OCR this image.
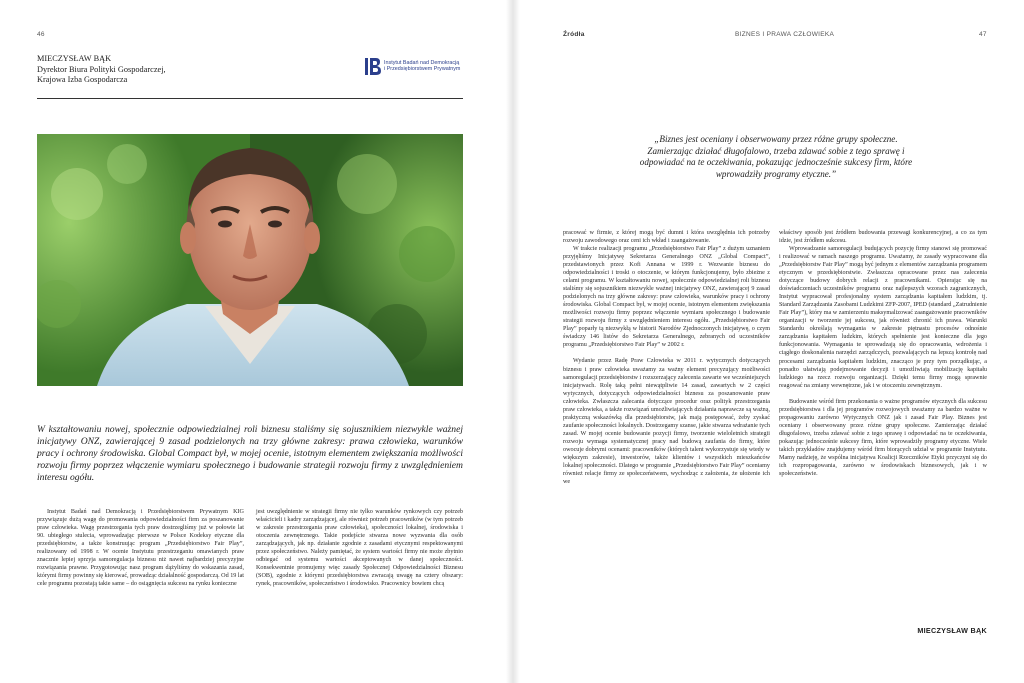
46
MIECZYSŁAW BĄK
Dyrektor Biura Polityki Gospodarczej,
Krajowa Izba Gospodarcza
Instytut Badań nad Demokracją
i Przedsiębiorstwem Prywatnym
W kształtowaniu nowej, społecznie odpowiedzialnej roli biznesu staliśmy się sojusznikiem niezwykle ważnej inicjatywy ONZ, zawierającej 9 zasad podzielonych na trzy główne zakresy: prawa człowieka, warunków pracy i ochrony środowiska. Global Compact był, w mojej ocenie, istotnym elementem zwiększania możliwości rozwoju firmy poprzez włączenie wymiaru społecznego i budowanie strategii rozwoju firmy z uwzględnieniem interesu ogółu.

Instytut Badań nad Demokracją i Przedsiębiorstwem Prywatnym KIG przywiązuje dużą wagę do promowania odpowiedzialności firm za poszanowanie praw człowieka. Wagę przestrzegania tych praw dostrzegliśmy już w połowie lat 90. ubiegłego stulecia, wprowadzając pierwsze w Polsce Kodeksy etyczne dla przedsiębiorstw, a także konstruując program „Przedsiębiorstwo Fair Play”, realizowany od 1998 r. W ocenie Instytutu przestrzeganiu omawianych praw znacznie lepiej sprzyja samoregulacja biznesu niż nawet najbardziej precyzyjne rozwiązania prawne. Przygotowując nasz program dążyliśmy do wskazania zasad, którymi firmy powinny się kierować, prowadząc działalność gospodarczą. Od 19 lat cele programu pozostają takie same – do osiągnięcia sukcesu na rynku konieczne

jest uwzględnienie w strategii firmy nie tylko warunków rynkowych czy potrzeb właścicieli i kadry zarządzającej, ale również potrzeb pracowników (w tym potrzeb w zakresie przestrzegania praw człowieka), społeczności lokalnej, środowiska i otoczenia zewnętrznego. Takie podejście stwarza nowe wyzwania dla osób zarządzających, jak np. działanie zgodnie z zasadami etycznymi respektowanymi przez społeczeństwo. Należy pamiętać, że system wartości firmy nie może zbytnio odbiegać od systemu wartości akceptowanych w danej społeczności. Konsekwentnie promujemy więc zasady Społecznej Odpowiedzialności Biznesu (SOB), zgodnie z którymi przedsiębiorstwa zwracają uwagę na cztery obszary: rynek, pracowników, społeczeństwo i środowisko. Pracownicy bowiem chcą

Źródła	BIZNES I PRAWA CZŁOWIEKA	47
„Biznes jest oceniany i obserwowany przez różne grupy społeczne. Zamierzając działać długofalowo, trzeba zdawać sobie z tego sprawę i odpowiadać na te oczekiwania, pokazując jednocześnie sukcesy firm, które wprowadziły programy etyczne.”

pracować w firmie, z której mogą być dumni i która uwzględnia ich potrzeby rozwoju zawodowego oraz ceni ich wkład i zaangażowanie.

W trakcie realizacji programu „Przedsiębiorstwo Fair Play” z dużym uznaniem przyjęliśmy Inicjatywę Sekretarza Generalnego ONZ „Global Compact”, przedstawionych przez Kofi Annana w 1999 r. Wezwanie biznesu do odpowiedzialności i troski o otoczenie, w którym funkcjonujemy, było zbieżne z celami programu. W kształtowaniu nowej, społecznie odpowiedzialnej roli biznesu staliśmy się sojusznikiem niezwykle ważnej inicjatywy ONZ, zawierającej 9 zasad podzielonych na trzy główne zakresy: praw człowieka, warunków pracy i ochrony środowiska. Global Compact był, w mojej ocenie, istotnym elementem zwiększania możliwości rozwoju firmy poprzez włączenie wymiaru społecznego i budowanie strategii rozwoju firmy z uwzględnieniem interesu ogółu. „Przedsiębiorstwo Fair Play” poparły tą niezwykłą w historii Narodów Zjednoczonych inicjatywę, o czym świadczy 146 listów do Sekretarza Generalnego, zebranych od uczestników programu „Przedsiębiorstwo Fair Play” w 2002 r.

Wydanie przez Radę Praw Człowieka w 2011 r. wytycznych dotyczących biznesu i praw człowieka uważamy za ważny element precyzujący możliwości samoregulacji przedsiębiorstw i rozszerzający zalecenia zawarte we wcześniejszych inicjatywach. Rolę taką pełni niewątpliwie 14 zasad, zawartych w 2 części wytycznych, dotyczących odpowiedzialności biznesu za poszanowanie praw człowieka. Zwłaszcza zalecania dotyczące procedur oraz polityk przestrzegania praw człowieka, a także rozwiązań umożliwiających działania naprawcze są ważną, praktyczną wskazówką dla przedsiębiorstw, jak mają postępować, żeby zyskać zaufanie społeczności lokalnych. Dostrzegamy szanse, jakie stwarza wdrażanie tych zasad. W mojej ocenie budowanie pozycji firmy, tworzenie wieloletnich strategii rozwoju wymaga systematycznej pracy nad budową zaufania do firmy, które owocuje dobrymi ocenami: pracowników (których talent wykorzystuje się wtedy w większym zakresie), inwestorów, także klientów i wszystkich mieszkańców lokalnej społeczności. Dlatego w programie „Przedsiębiorstwo Fair Play” oceniamy również relacje firmy ze społeczeństwem, wychodząc z założenia, że ułożenie ich we

właściwy sposób jest źródłem budowania przewagi konkurencyjnej, a co za tym idzie, jest źródłem sukcesu.

Wprowadzanie samoregulacji budujących pozycję firmy stanowi się promować i realizować w ramach naszego programu. Uważamy, że zasady wypracowane dla „Przedsiębiorstw Fair Play” mogą być jednym z elementów zarządzania programem etycznym w przedsiębiorstwie. Zwłaszcza opracowane przez nas zalecenia dotyczące budowy dobrych relacji z pracownikami. Opierając się na doświadczeniach uczestników programu oraz najlepszych wzorach zagranicznych, Instytut wypracował profesjonalny system zarządzania kapitałem ludzkim, tj. Standard Zarządzania Zasobami Ludzkimi ZFP-2007, IPED (standard „Zatrudnienie Fair Play”), który ma w zamierzeniu maksymalizować zaangażowanie pracowników organizacji w tworzenie jej sukcesu, jak również chronić ich prawa. Warunki Standardu określają wymagania w zakresie piętnastu procesów odnośnie zarządzania kapitałem ludzkim, których spełnienie jest konieczne dla jego funkcjonowania. Wymagania te sprowadzają się do opracowania, wdrożenia i ciągłego doskonalenia narzędzi zarządczych, pozwalających na lepszą kontrolę nad procesami zarządzania kapitałem ludzkim, znacząco je przy tym porządkując, a ponadto ułatwiają podejmowanie decyzji i umożliwiają mobilizację kapitału ludzkiego na rzecz rozwoju organizacji. Dzięki temu firmy mogą sprawnie reagować na zmiany wewnętrzne, jak i w otoczeniu zewnętrznym.

Budowanie wśród firm przekonania o ważne programów etycznych dla sukcesu przedsiębiorstwa i dla jej programów rozwojowych uważamy za bardzo ważne w propagowaniu zarówno Wytycznych ONZ jak i zasad Fair Play. Biznes jest oceniany i obserwowany przez różne grupy społeczne. Zamierzając działać długofalowo, trzeba zdawać sobie z tego sprawę i odpowiadać na te oczekiwania, pokazując jednocześnie sukcesy firm, które wprowadziły programy etyczne. Wiele takich przykładów znajdujemy wśród firm biorących udział w programie Instytutu. Mamy nadzieję, że wspólna inicjatywa Koalicji Rzeczników Etyki przyczyni się do ich rozpropagowania, zarówno w środowiskach biznesowych, jak i w społeczeństwie.

MIECZYSŁAW BĄK
